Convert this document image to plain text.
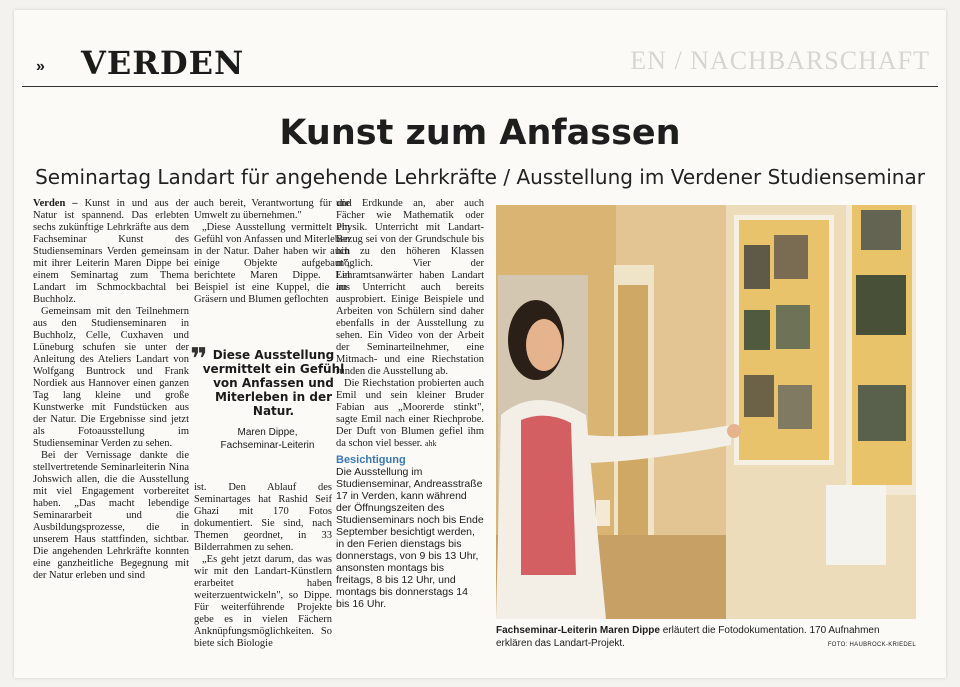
» VERDEN	EN / NACHBARSCHAFT
Kunst zum Anfassen
Seminartag Landart für angehende Lehrkräfte / Ausstellung im Verdener Studienseminar

Verden – Kunst in und aus der Natur ist spannend. Das erlebten sechs zukünftige Lehrkräfte aus dem Fachseminar Kunst des Studienseminars Verden gemeinsam mit ihrer Leiterin Maren Dippe bei einem Seminartag zum Thema Landart im Schmockbachtal bei Buchholz.

Gemeinsam mit den Teilnehmern aus den Studienseminaren in Buchholz, Celle, Cuxhaven und Lüneburg schufen sie unter der Anleitung des Ateliers Landart von Wolfgang Buntrock und Frank Nordiek aus Hannover einen ganzen Tag lang kleine und große Kunstwerke mit Fundstücken aus der Natur. Die Ergebnisse sind jetzt als Fotoausstellung im Studienseminar Verden zu sehen.

Bei der Vernissage dankte die stellvertretende Seminarleiterin Nina Johswich allen, die die Ausstellung mit viel Engagement vorbereitet haben. „Das macht lebendige Seminararbeit und die Ausbildungsprozesse, die in unserem Haus stattfinden, sichtbar. Die angehenden Lehrkräfte konnten eine ganzheitliche Begegnung mit der Natur erleben und sind

auch bereit, Verantwortung für die Umwelt zu übernehmen."

„Diese Ausstellung vermittelt ein Gefühl von Anfassen und Miterleben in der Natur. Daher haben wir auch einige Objekte aufgebaut", berichtete Maren Dippe. Ein Beispiel ist eine Kuppel, die aus Gräsern und Blumen geflochten

❞ Diese Ausstellung vermittelt ein Gefühl von Anfassen und Miterleben in der Natur.
Maren Dippe,
Fachseminar-Leiterin

ist. Den Ablauf des Seminartages hat Rashid Seif Ghazi mit 170 Fotos dokumentiert. Sie sind, nach Themen geordnet, in 33 Bilderrahmen zu sehen.

„Es geht jetzt darum, das was wir mit den Landart-Künstlern erarbeitet haben weiterzuentwickeln", so Dippe. Für weiterführende Projekte gebe es in vielen Fächern Anknüpfungsmöglichkeiten. So biete sich Biologie

und Erdkunde an, aber auch Fächer wie Mathematik oder Physik. Unterricht mit Landart-Bezug sei von der Grundschule bis hin zu den höheren Klassen möglich. Vier der Lehramtsanwärter haben Landart im Unterricht auch bereits ausprobiert. Einige Beispiele und Arbeiten von Schülern sind daher ebenfalls in der Ausstellung zu sehen. Ein Video von der Arbeit der Seminarteilnehmer, eine Mitmach- und eine Riechstation runden die Ausstellung ab.

Die Riechstation probierten auch Emil und sein kleiner Bruder Fabian aus „Moorerde stinkt", sagte Emil nach einer Riechprobe. Der Duft von Blumen gefiel ihm da schon viel besser. ahk

Besichtigung
Die Ausstellung im Studienseminar, Andreasstraße 17 in Verden, kann während der Öffnungszeiten des Studienseminars noch bis Ende September besichtigt werden, in den Ferien dienstags bis donnerstags, von 9 bis 13 Uhr, ansonsten montags bis freitags, 8 bis 12 Uhr, und montags bis donnerstags 14 bis 16 Uhr.
Fachseminar-Leiterin Maren Dippe erläutert die Fotodokumentation. 170 Aufnahmen erklären das Landart-Projekt.	FOTO: HAUBROCK-KRIEDEL
